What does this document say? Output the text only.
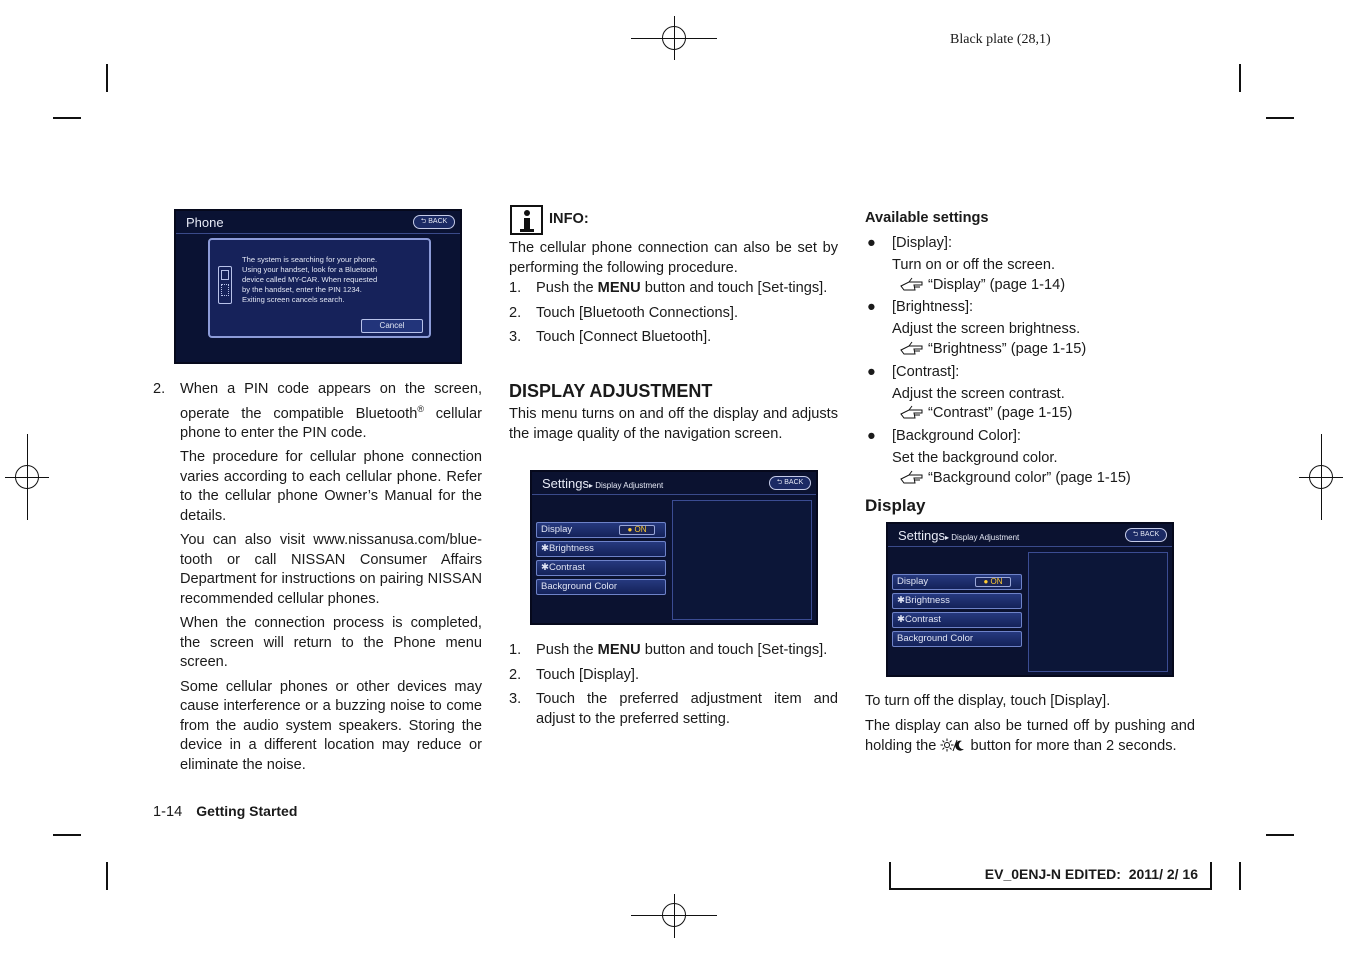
Black plate (28,1)
Phone	⮌ BACK
The system is searching for your phone.
Using your handset, look for a Bluetooth
device called MY-CAR. When requested
by the handset, enter the PIN 1234.
Exiting screen cancels search.
Cancel
2. When a PIN code appears on the screen, operate the compatible Bluetooth® cellular phone to enter the PIN code.

The procedure for cellular phone connection varies according to each cellular phone. Refer to the cellular phone Owner’s Manual for the details.

You can also visit www.nissanusa.com/blue-tooth or call NISSAN Consumer Affairs Department for instructions on pairing NISSAN recommended cellular phones.

When the connection process is completed, the screen will return to the Phone menu screen.

Some cellular phones or other devices may cause interference or a buzzing noise to come from the audio system speakers. Storing the device in a different location may reduce or eliminate the noise.

INFO:

The cellular phone connection can also be set by performing the following procedure.

1. Push the MENU button and touch [Set-tings].
2. Touch [Bluetooth Connections].
3. Touch [Connect Bluetooth].
DISPLAY ADJUSTMENT

This menu turns on and off the display and adjusts the image quality of the navigation screen.

Settings▸ Display Adjustment	⮌ BACK
Display	● ON
✱Brightness
✱Contrast
Background Color
1. Push the MENU button and touch [Set-tings].
2. Touch [Display].
3. Touch the preferred adjustment item and adjust to the preferred setting.
Available settings
● [Display]:
Turn on or off the screen.
“Display” (page 1-14)
● [Brightness]:
Adjust the screen brightness.
“Brightness” (page 1-15)
● [Contrast]:
Adjust the screen contrast.
“Contrast” (page 1-15)
● [Background Color]:
Set the background color.
“Background color” (page 1-15)
Display
Settings▸ Display Adjustment	⮌ BACK
Display	● ON
✱Brightness
✱Contrast
Background Color

To turn off the display, touch [Display].

The display can also be turned off by pushing and holding the button for more than 2 seconds.

1-14 Getting Started
EV_0ENJ-N EDITED:  2011/ 2/ 16
